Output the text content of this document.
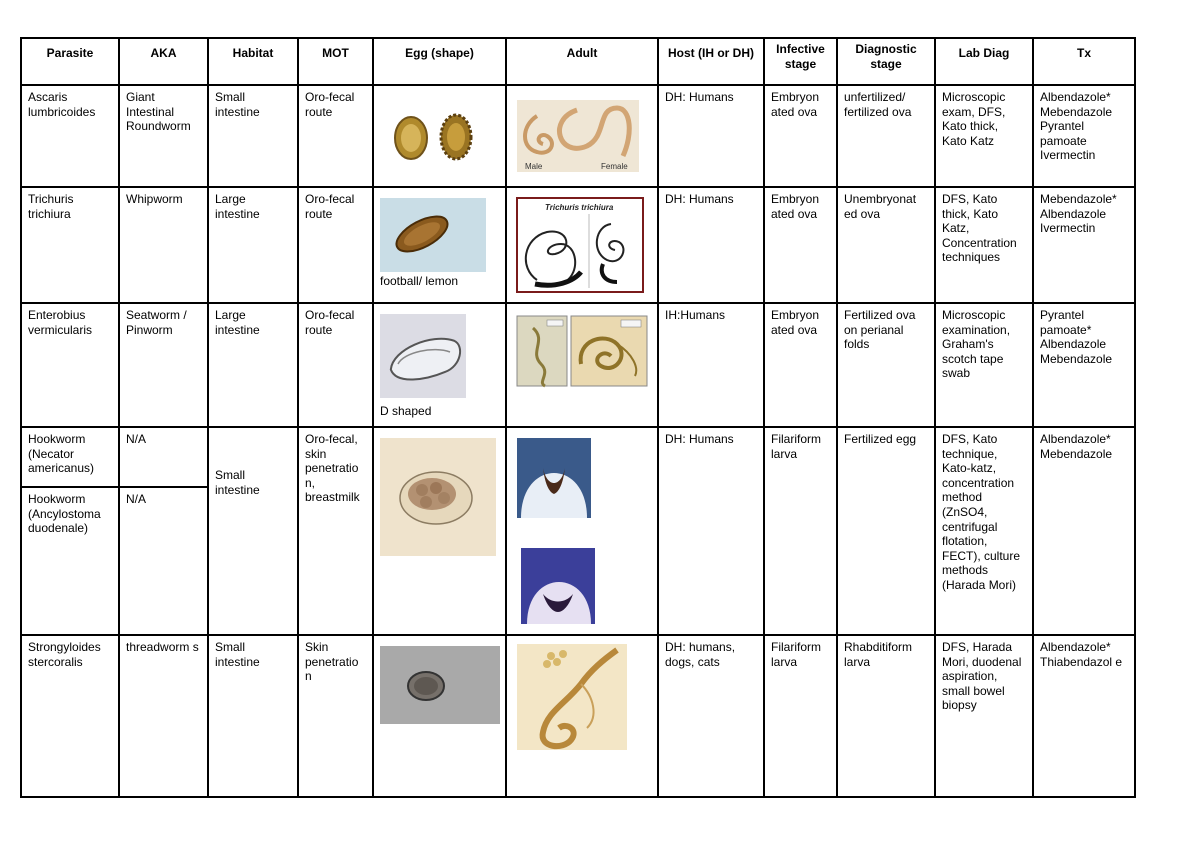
Parasite	AKA	Habitat	MOT	Egg (shape)	Adult	Host (IH or DH)	Infective stage	Diagnostic stage	Lab Diag	Tx
Ascaris lumbricoides	Giant Intestinal Roundworm	Small intestine	Oro-fecal route		Male Female	DH: Humans	Embryon ated ova	unfertilized/ fertilized ova	Microscopic exam, DFS, Kato thick, Kato Katz	Albendazole* Mebendazole Pyrantel pamoate Ivermectin
Trichuris trichiura	Whipworm	Large intestine	Oro-fecal route	football/ lemon	Trichuris trichiura	DH: Humans	Embryon ated ova	Unembryonat ed ova	DFS, Kato thick, Kato Katz, Concentration techniques	Mebendazole* Albendazole Ivermectin
Enterobius vermicularis	Seatworm / Pinworm	Large intestine	Oro-fecal route	D shaped		IH:Humans	Embryon ated ova	Fertilized ova on perianal folds	Microscopic examination, Graham's scotch tape swab	Pyrantel pamoate* Albendazole Mebendazole
Hookworm (Necator americanus)	N/A	Small intestine	Oro-fecal, skin penetratio n, breastmilk			DH: Humans	Filariform larva	Fertilized egg	DFS, Kato technique, Kato-katz, concentration method (ZnSO4, centrifugal flotation, FECT), culture methods (Harada Mori)	Albendazole* Mebendazole
Hookworm (Ancylostoma duodenale)	N/A									
Strongyloides stercoralis	threadworm s	Small intestine	Skin penetratio n			DH: humans, dogs, cats	Filariform larva	Rhabditiform larva	DFS, Harada Mori, duodenal aspiration, small bowel biopsy	Albendazole* Thiabendazol e
